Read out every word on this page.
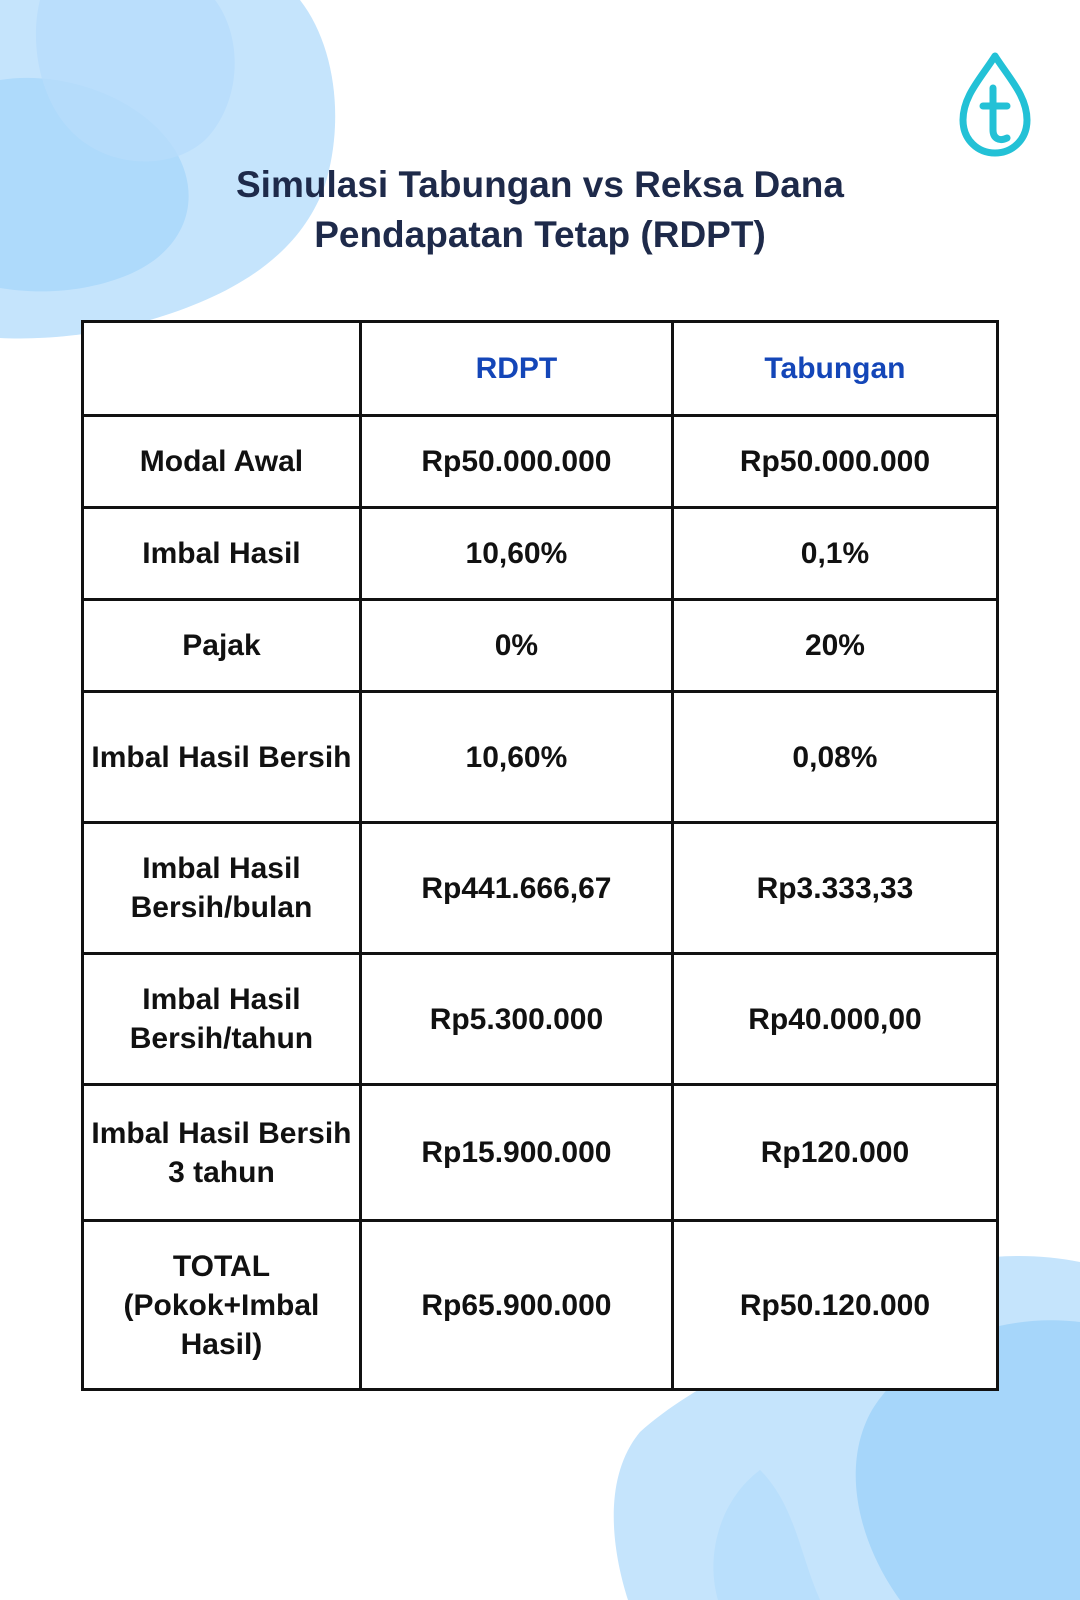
Simulasi Tabungan vs Reksa Dana
Pendapatan Tetap (RDPT)
	RDPT	Tabungan
Modal Awal	Rp50.000.000	Rp50.000.000
Imbal Hasil	10,60%	0,1%
Pajak	0%	20%
Imbal Hasil Bersih	10,60%	0,08%
Imbal Hasil Bersih/bulan	Rp441.666,67	Rp3.333,33
Imbal Hasil Bersih/tahun	Rp5.300.000	Rp40.000,00
Imbal Hasil Bersih 3 tahun	Rp15.900.000	Rp120.000
TOTAL (Pokok+Imbal Hasil)	Rp65.900.000	Rp50.120.000
